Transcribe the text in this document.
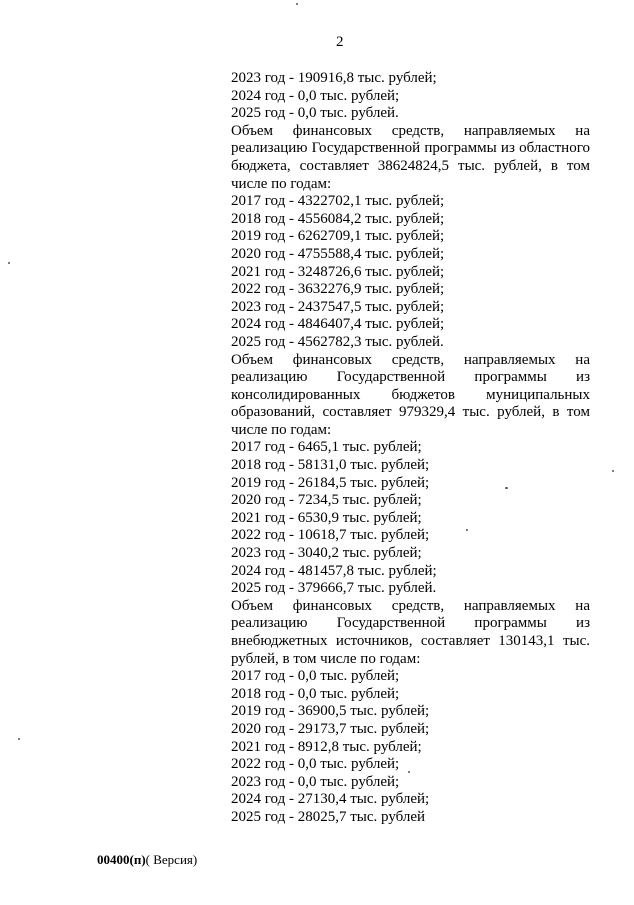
2
2023 год - 190916,8 тыс. рублей;
2024 год - 0,0 тыс. рублей;
2025 год - 0,0 тыс. рублей.
Объем финансовых средств, направляемых на
реализацию Государственной программы из областного
бюджета, составляет 38624824,5 тыс. рублей, в том
числе по годам:
2017 год - 4322702,1 тыс. рублей;
2018 год - 4556084,2 тыс. рублей;
2019 год - 6262709,1 тыс. рублей;
2020 год - 4755588,4 тыс. рублей;
2021 год - 3248726,6 тыс. рублей;
2022 год - 3632276,9 тыс. рублей;
2023 год - 2437547,5 тыс. рублей;
2024 год - 4846407,4 тыс. рублей;
2025 год - 4562782,3 тыс. рублей.
Объем финансовых средств, направляемых на
реализацию Государственной программы из
консолидированных бюджетов муниципальных
образований, составляет 979329,4 тыс. рублей, в том
числе по годам:
2017 год - 6465,1 тыс. рублей;
2018 год - 58131,0 тыс. рублей;
2019 год - 26184,5 тыс. рублей;
2020 год - 7234,5 тыс. рублей;
2021 год - 6530,9 тыс. рублей;
2022 год - 10618,7 тыс. рублей;
2023 год - 3040,2 тыс. рублей;
2024 год - 481457,8 тыс. рублей;
2025 год - 379666,7 тыс. рублей.
Объем финансовых средств, направляемых на
реализацию Государственной программы из
внебюджетных источников, составляет 130143,1 тыс.
рублей, в том числе по годам:
2017 год - 0,0 тыс. рублей;
2018 год - 0,0 тыс. рублей;
2019 год - 36900,5 тыс. рублей;
2020 год - 29173,7 тыс. рублей;
2021 год - 8912,8 тыс. рублей;
2022 год - 0,0 тыс. рублей;
2023 год - 0,0 тыс. рублей;
2024 год - 27130,4 тыс. рублей;
2025 год - 28025,7 тыс. рублей
00400(п)( Версия)
